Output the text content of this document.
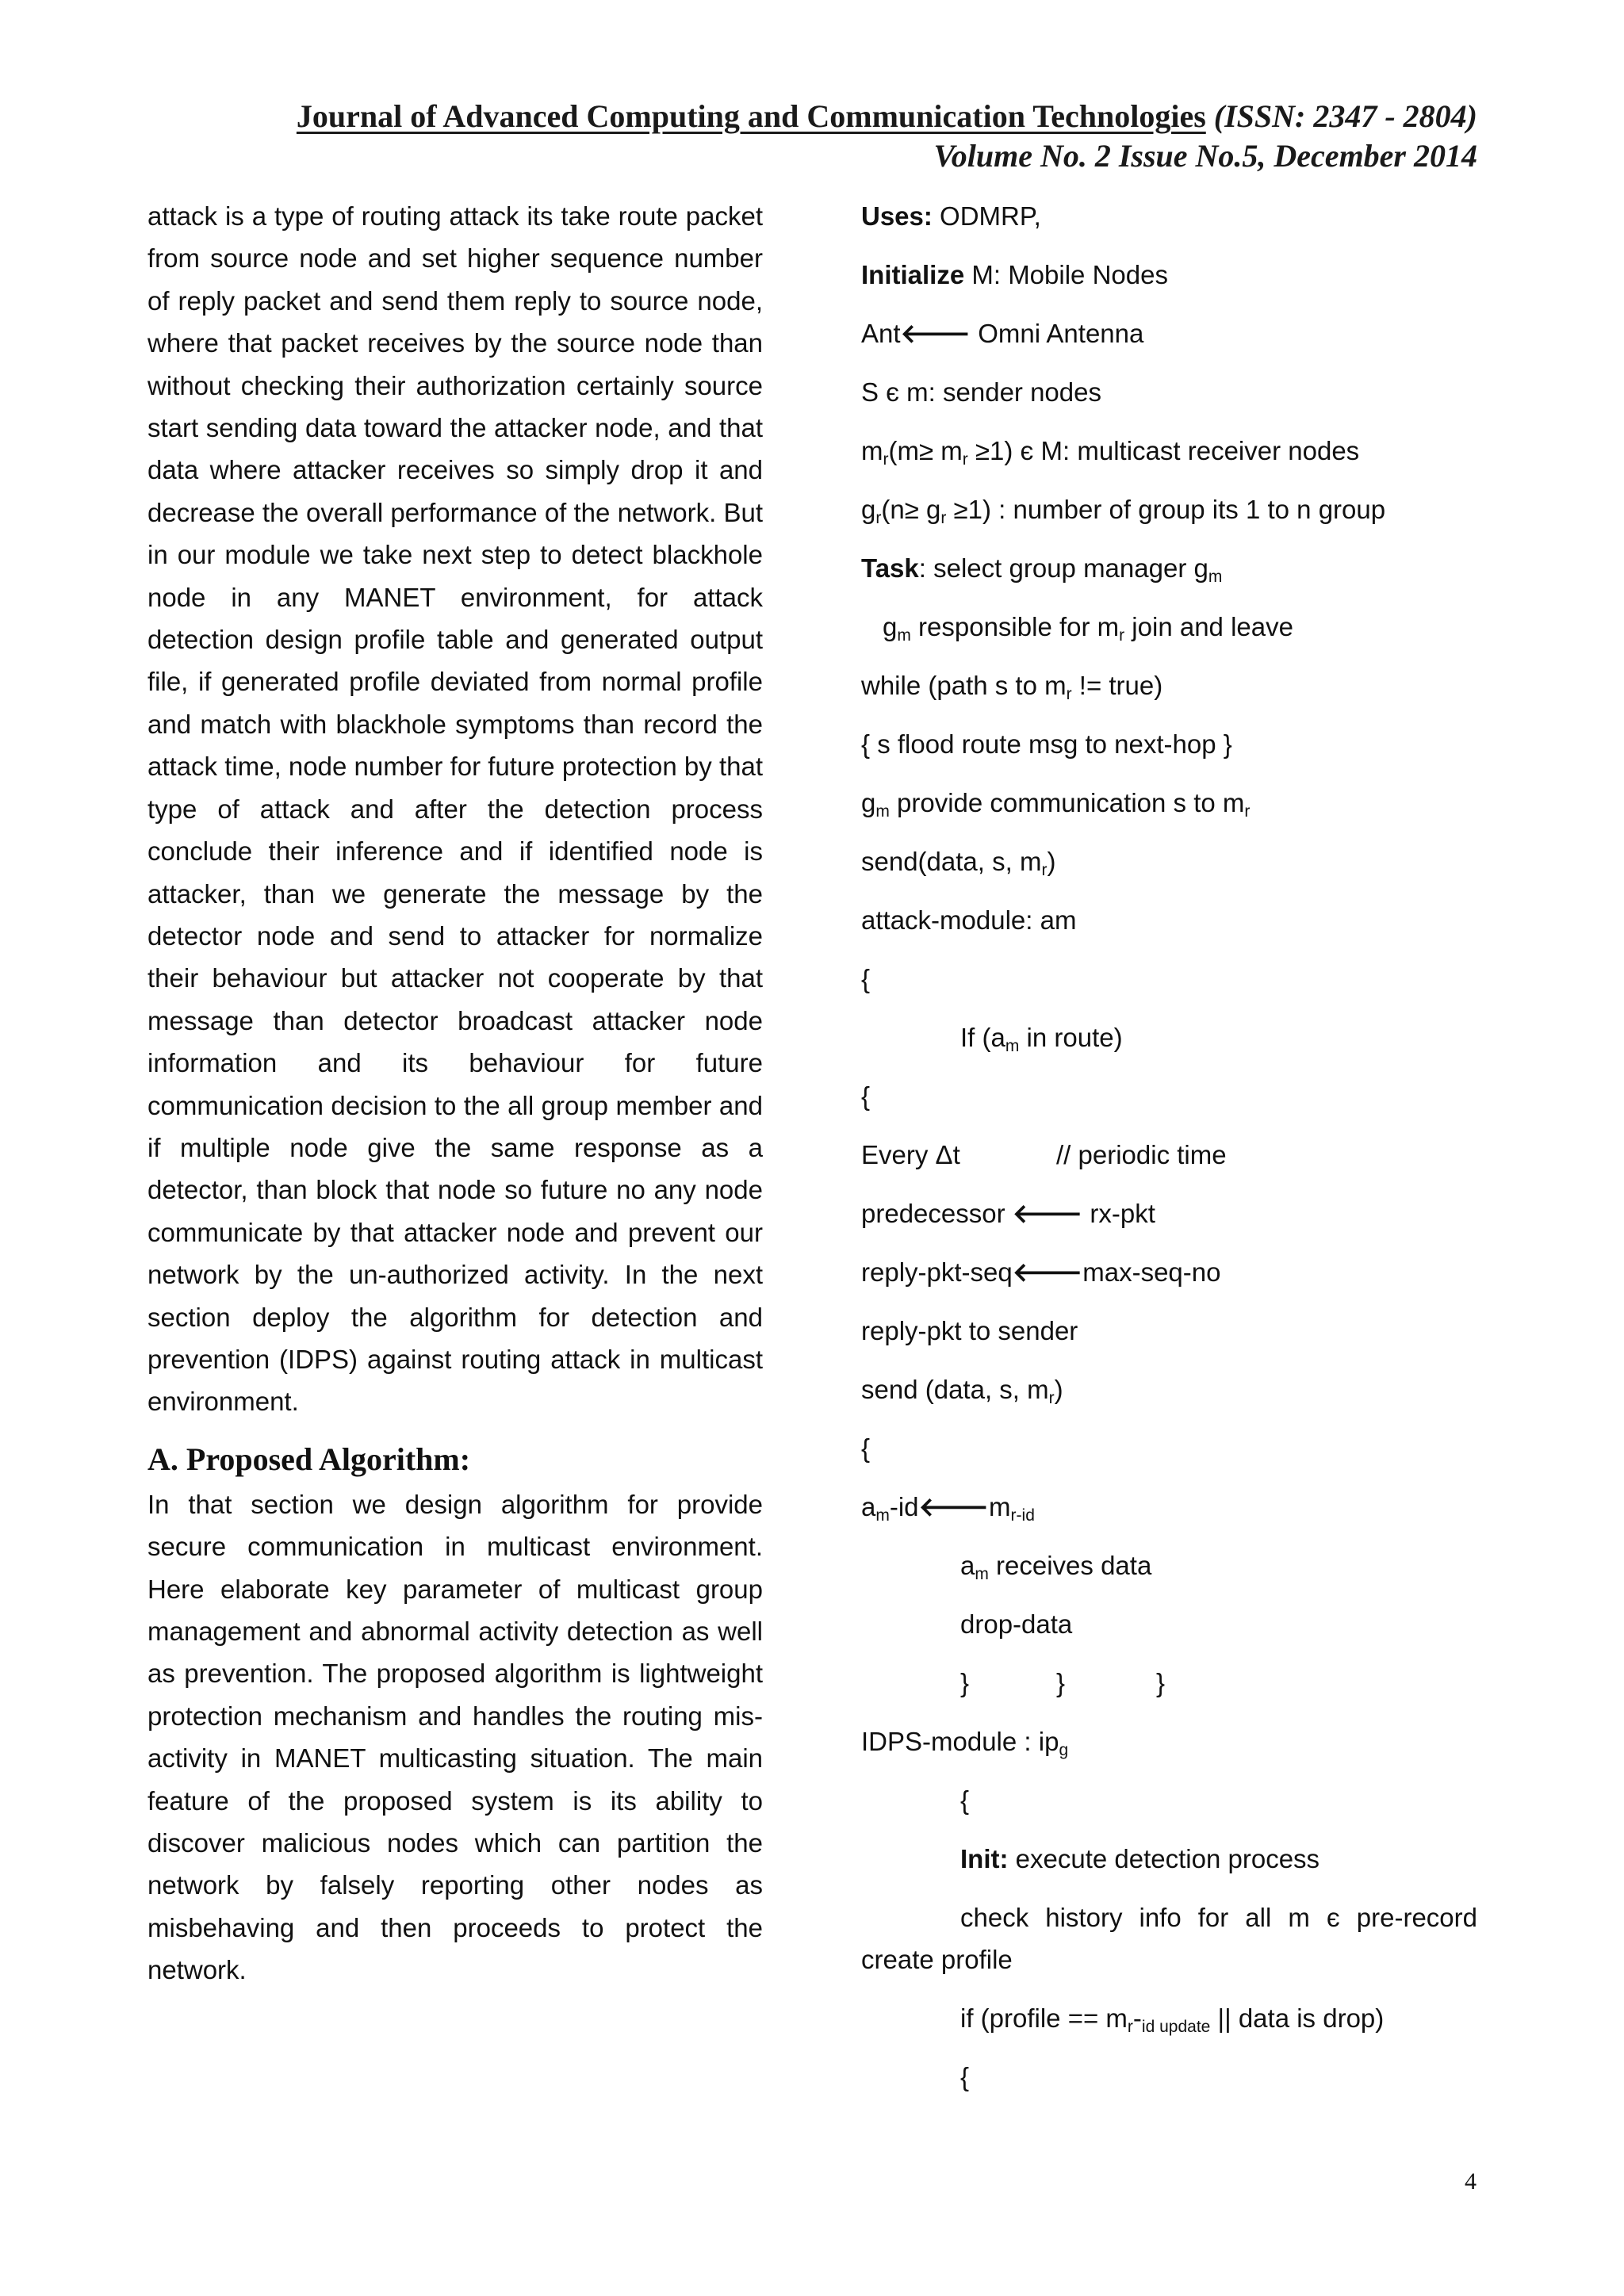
Journal of Advanced Computing and Communication Technologies (ISSN: 2347 - 2804)
Volume No. 2 Issue No.5, December 2014

attack is a type of routing attack its take route packet from source node and set higher sequence number of reply packet and send them reply to source node, where that packet receives by the source node than without checking their authorization certainly source start sending data toward the attacker node, and that data where attacker receives so simply drop it and decrease the overall performance of the network. But in our module we take next step to detect blackhole node in any MANET environment, for attack detection design profile table and generated output file, if generated profile deviated from normal profile and match with blackhole symptoms than record the attack time, node number for future protection by that type of attack and after the detection process conclude their inference and if identified node is attacker, than we generate the message by the detector node and send to attacker for normalize their behaviour but attacker not cooperate by that message than detector broadcast attacker node information and its behaviour for future communication decision to the all group member and if multiple node give the same response as a detector, than block that node so future no any node communicate by that attacker node and prevent our network by the un-authorized activity. In the next section deploy the algorithm for detection and prevention (IDPS) against routing attack in multicast environment.

A. Proposed Algorithm:

In that section we design algorithm for provide secure communication in multicast environment. Here elaborate key parameter of multicast group management and abnormal activity detection as well as prevention. The proposed algorithm is lightweight protection mechanism and handles the routing mis-activity in MANET multicasting situation. The main feature of the proposed system is its ability to discover malicious nodes which can partition the network by falsely reporting other nodes as misbehaving and then proceeds to protect the network.

Uses: ODMRP,
Initialize M: Mobile Nodes
Ant🡐 Omni Antenna
S є m: sender nodes
$m_r(m\ge m_r \ge 1)$ є M: multicast receiver nodes
$g_r(n\ge g_r \ge 1)$ : number of group its 1 to n group
Task: select group manager $g_m$
$g_m$ responsible for $m_r$ join and leave
while (path s to $m_r$ != true)
{ s flood route msg to next-hop }
$g_m$ provide communication s to $m_r$
send(data, s, $m_r$)
attack-module: am
{
If ($a_m$ in route)
{
Every Δt	// periodic time
predecessor 🡐 rx-pkt
reply-pkt-seq🡐max-seq-no
reply-pkt to sender
send (data, s, $m_r$)
{
$a_m-id🡐m_{r-id}$
$a_m$ receives data
drop-data
}	}	}
IDPS-module : $ip_g$
{
Init: execute detection process
check history info for all m є pre-record create profile
if (profile == $m_r-_{id update}$ || data is drop)
{
4
